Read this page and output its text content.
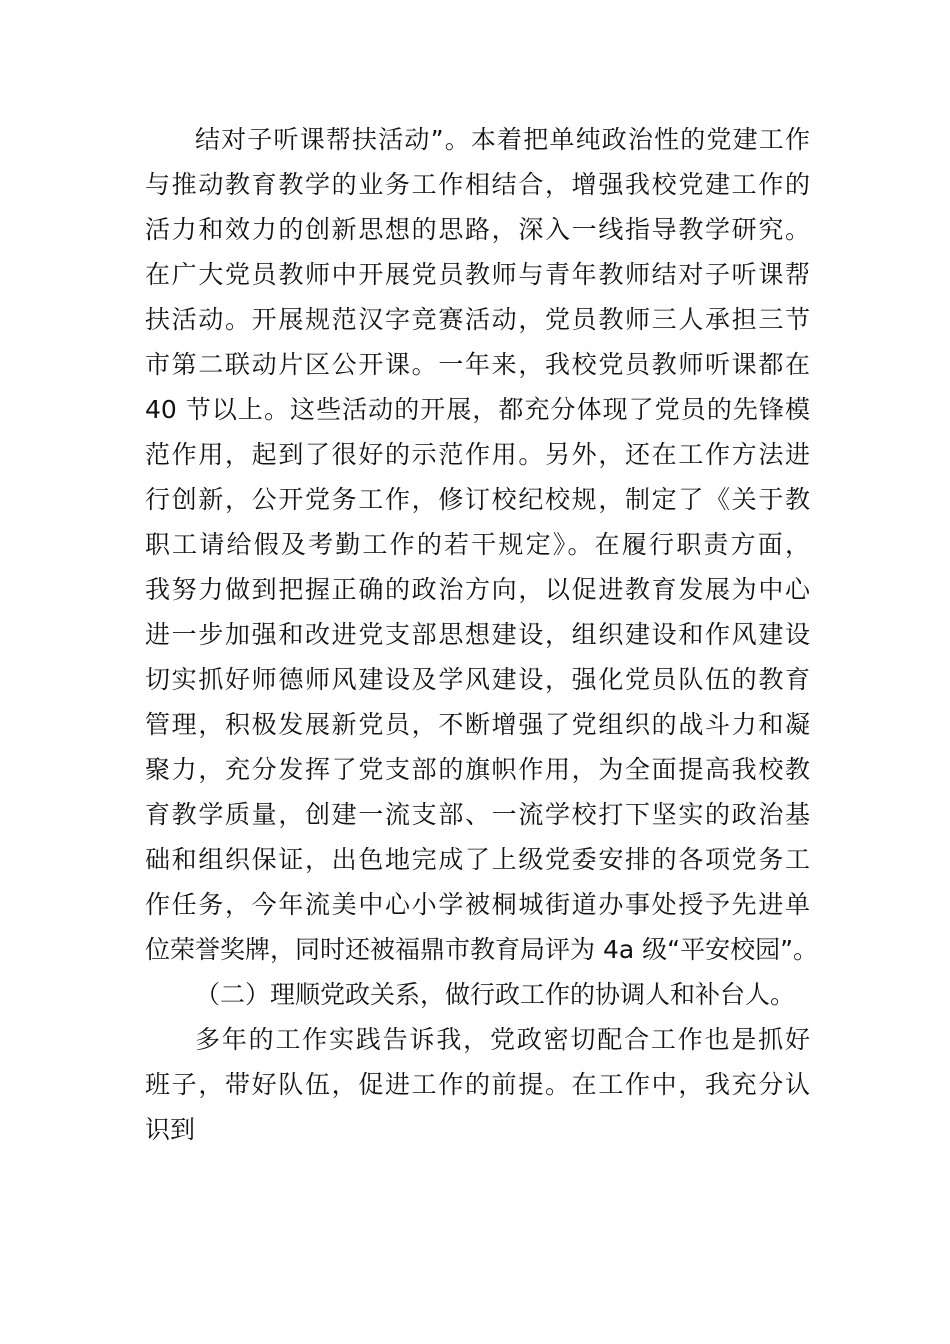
结对子听课帮扶活动”。本着把单纯政治性的党建工作
与推动教育教学的业务工作相结合，增强我校党建工作的
活力和效力的创新思想的思路，深入一线指导教学研究。
在广大党员教师中开展党员教师与青年教师结对子听课帮
扶活动。开展规范汉字竞赛活动，党员教师三人承担三节
市第二联动片区公开课。一年来，我校党员教师听课都在
40 节以上。这些活动的开展，都充分体现了党员的先锋模
范作用，起到了很好的示范作用。另外，还在工作方法进
行创新，公开党务工作，修订校纪校规，制定了《关于教
职工请给假及考勤工作的若干规定》。在履行职责方面，
我努力做到把握正确的政治方向，以促进教育发展为中心
进一步加强和改进党支部思想建设，组织建设和作风建设
切实抓好师德师风建设及学风建设，强化党员队伍的教育
管理，积极发展新党员，不断增强了党组织的战斗力和凝
聚力，充分发挥了党支部的旗帜作用，为全面提高我校教
育教学质量，创建一流支部、一流学校打下坚实的政治基
础和组织保证，出色地完成了上级党委安排的各项党务工
作任务，今年流美中心小学被桐城街道办事处授予先进单
位荣誉奖牌，同时还被福鼎市教育局评为 4a 级“平安校园”。
（二）理顺党政关系，做行政工作的协调人和补台人。
多年的工作实践告诉我，党政密切配合工作也是抓好
班子，带好队伍，促进工作的前提。在工作中，我充分认
识到
